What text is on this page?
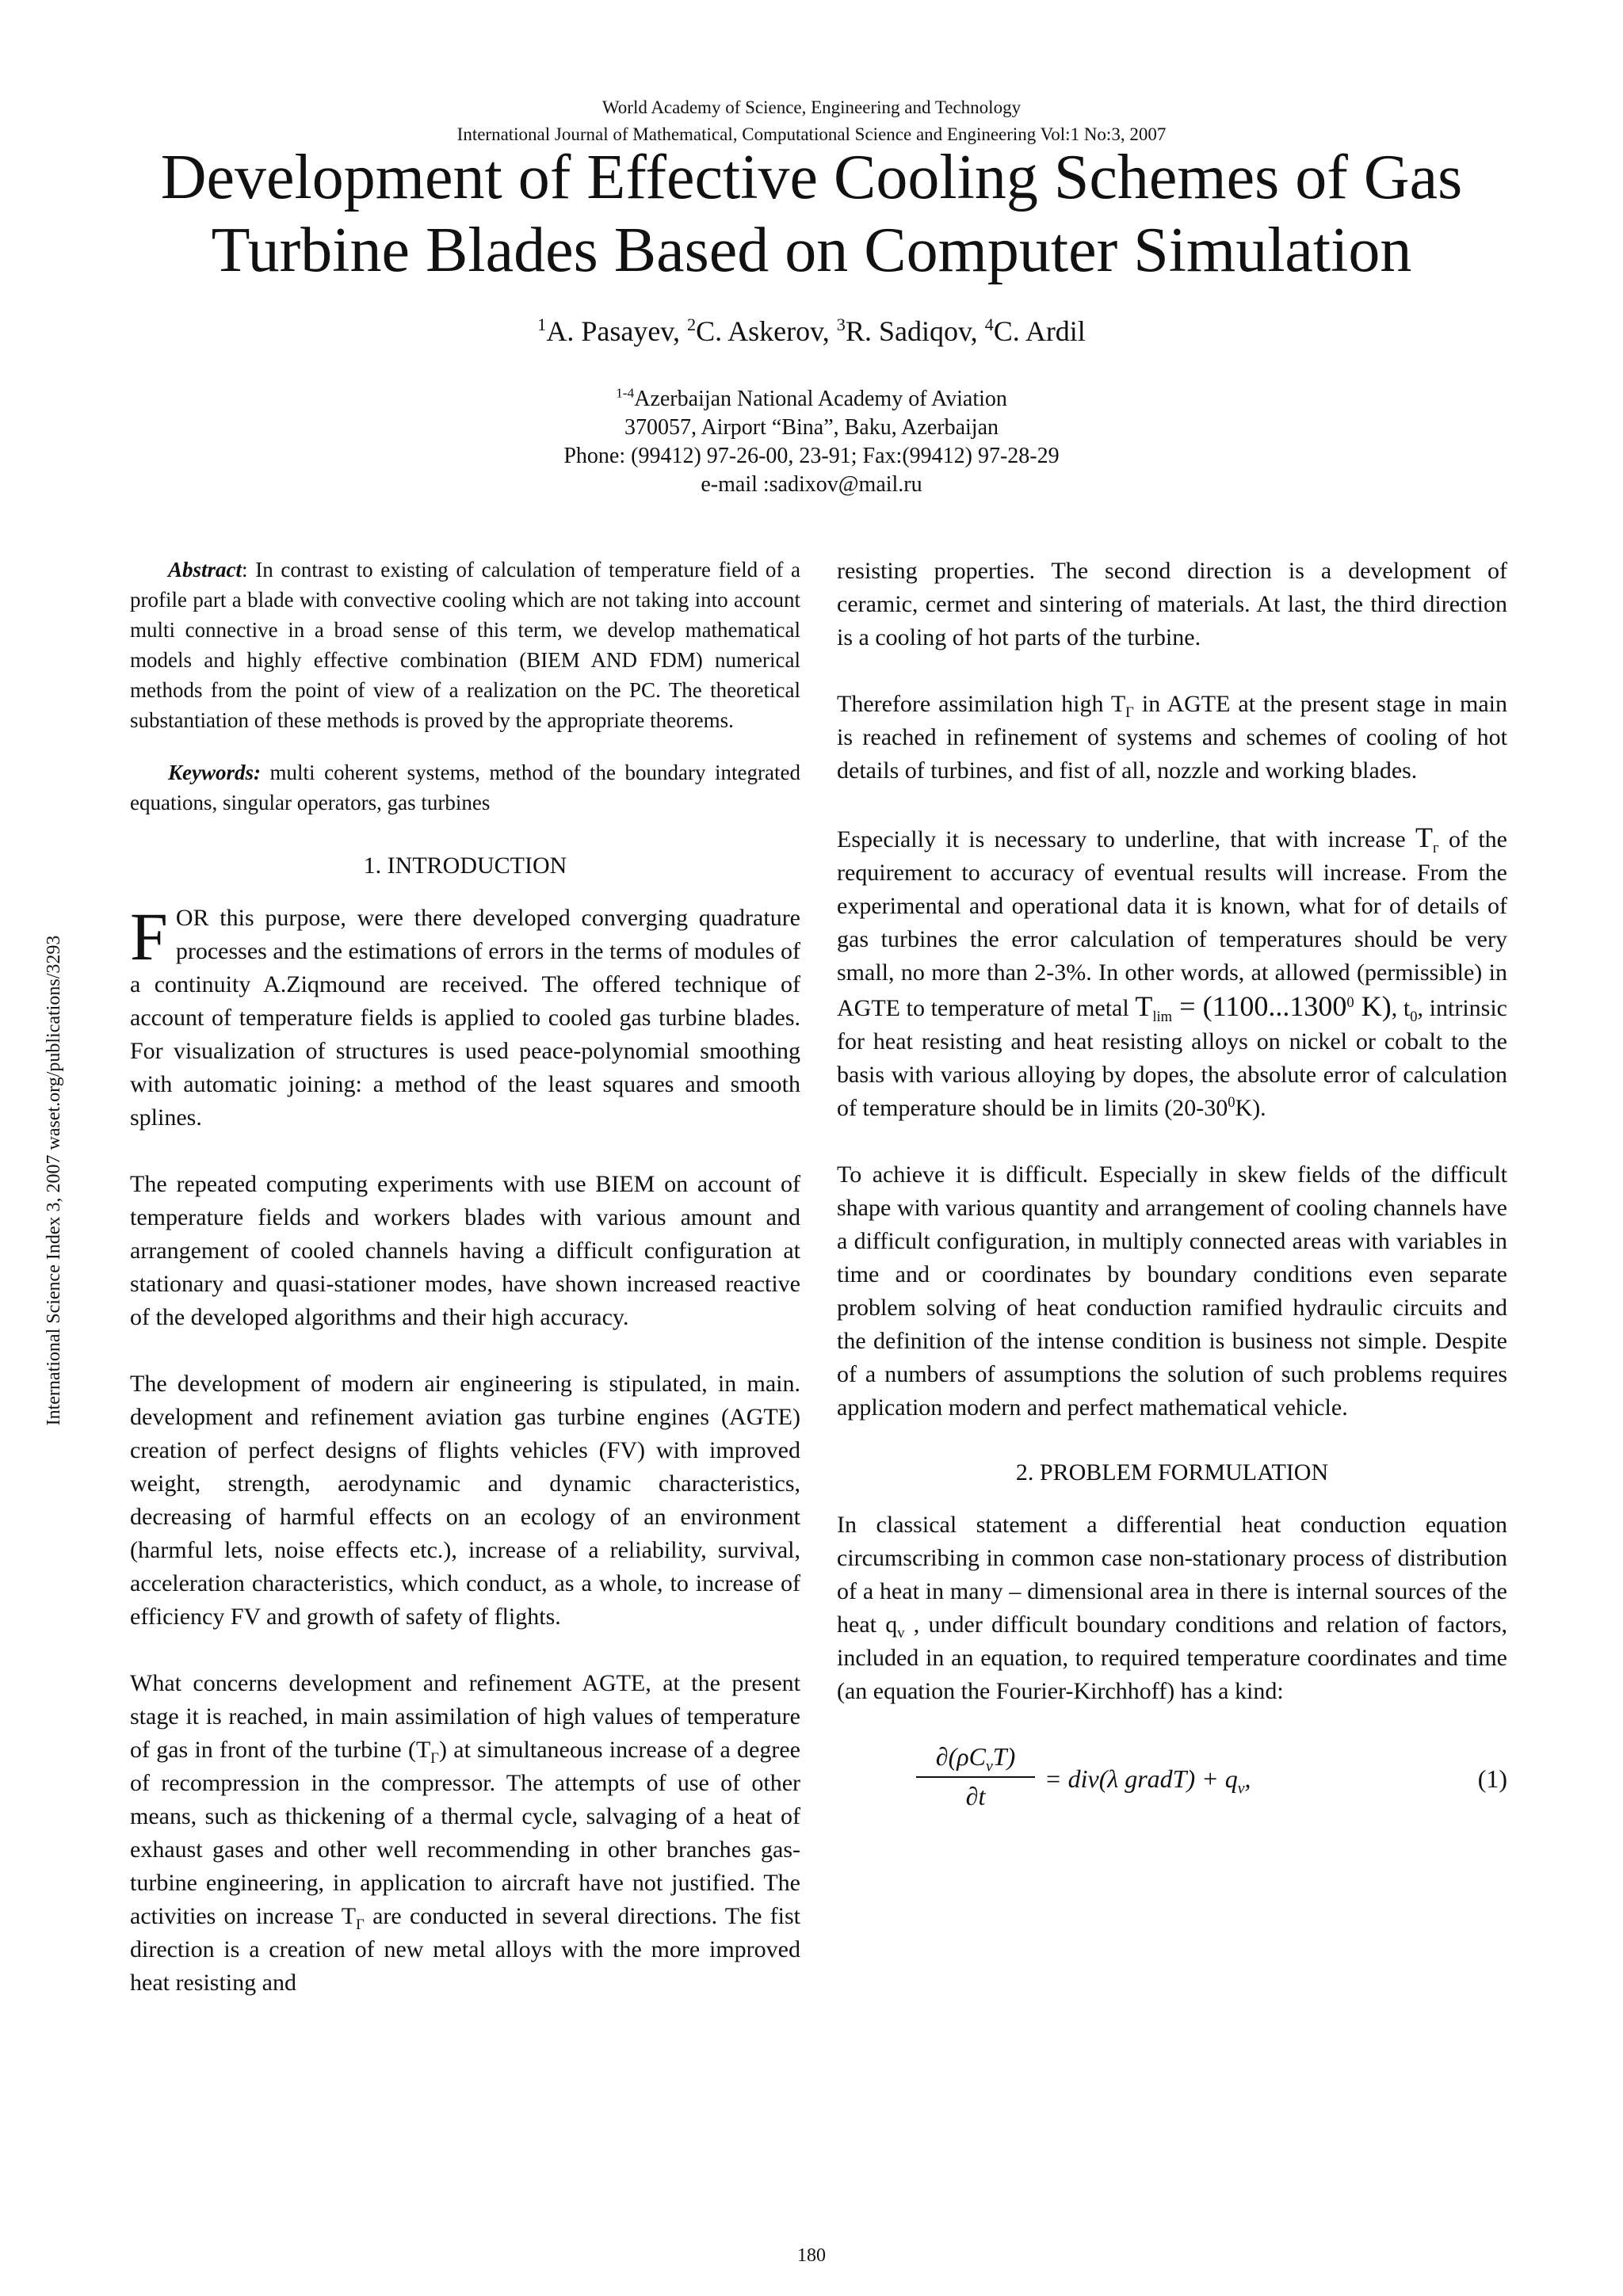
World Academy of Science, Engineering and Technology
International Journal of Mathematical, Computational Science and Engineering Vol:1 No:3, 2007
Development of Effective Cooling Schemes of Gas Turbine Blades Based on Computer Simulation
$^1$A. Pasayev, $^2$C. Askerov, $^3$R. Sadiqov, $^4$C. Ardil
$^{1-4}$Azerbaijan National Academy of Aviation
370057, Airport “Bina”, Baku, Azerbaijan
Phone: (99412) 97-26-00, 23-91; Fax:(99412) 97-28-29
e-mail :sadixov@mail.ru
International Science Index 3, 2007 waset.org/publications/3293

Abstract: In contrast to existing of calculation of temperature field of a profile part a blade with convective cooling which are not taking into account multi connective in a broad sense of this term, we develop mathematical models and highly effective combination (BIEM AND FDM) numerical methods from the point of view of a realization on the PC. The theoretical substantiation of these methods is proved by the appropriate theorems.

Keywords: multi coherent systems, method of the boundary integrated equations, singular operators, gas turbines

1. INTRODUCTION

FOR this purpose, were there developed converging quadrature processes and the estimations of errors in the terms of modules of a continuity A.Ziqmound are received. The offered technique of account of temperature fields is applied to cooled gas turbine blades. For visualization of structures is used peace-polynomial smoothing with automatic joining: a method of the least squares and smooth splines.

The repeated computing experiments with use BIEM on account of temperature fields and workers blades with various amount and arrangement of cooled channels having a difficult configuration at stationary and quasi-stationer modes, have shown increased reactive of the developed algorithms and their high accuracy.

The development of modern air engineering is stipulated, in main. development and refinement aviation gas turbine engines (AGTE) creation of perfect designs of flights vehicles (FV) with improved weight, strength, aerodynamic and dynamic characteristics, decreasing of harmful effects on an ecology of an environment (harmful lets, noise effects etc.), increase of a reliability, survival, acceleration characteristics, which conduct, as a whole, to increase of efficiency FV and growth of safety of flights.

What concerns development and refinement AGTE, at the present stage it is reached, in main assimilation of high values of temperature of gas in front of the turbine $(T_Г)$ at simultaneous increase of a degree of recompression in the compressor. The attempts of use of other means, such as thickening of a thermal cycle, salvaging of a heat of exhaust gases and other well recommending in other branches gas-turbine engineering, in application to aircraft have not justified. The activities on increase $T_Г$ are conducted in several directions. The fist direction is a creation of new metal alloys with the more improved heat resisting and

resisting properties. The second direction is a development of ceramic, cermet and sintering of materials. At last, the third direction is a cooling of hot parts of the turbine.

Therefore assimilation high $T_Г$ in AGTE at the present stage in main is reached in refinement of systems and schemes of cooling of hot details of turbines, and fist of all, nozzle and working blades.

Especially it is necessary to underline, that with increase $T_г$ of the requirement to accuracy of eventual results will increase. From the experimental and operational data it is known, what for of details of gas turbines the error calculation of temperatures should be very small, no more than 2-3%. In other words, at allowed (permissible) in AGTE to temperature of metal $T_{lim} = (1100...1300^0$ K), $t_0$, intrinsic for heat resisting and heat resisting alloys on nickel or cobalt to the basis with various alloying by dopes, the absolute error of calculation of temperature should be in limits $(20-30^0K)$.

To achieve it is difficult. Especially in skew fields of the difficult shape with various quantity and arrangement of cooling channels have a difficult configuration, in multiply connected areas with variables in time and or coordinates by boundary conditions even separate problem solving of heat conduction ramified hydraulic circuits and the definition of the intense condition is business not simple. Despite of a numbers of assumptions the solution of such problems requires application modern and perfect mathematical vehicle.

2. PROBLEM FORMULATION

In classical statement a differential heat conduction equation circumscribing in common case non-stationary process of distribution of a heat in many – dimensional area in there is internal sources of the heat $q_v$ , under difficult boundary conditions and relation of factors, included in an equation, to required temperature coordinates and time (an equation the Fourier-Kirchhoff) has a kind:

$\partial(\rho C_vT)$
∂t
= div(λ gradT) + $q_v$,	(1)
180
